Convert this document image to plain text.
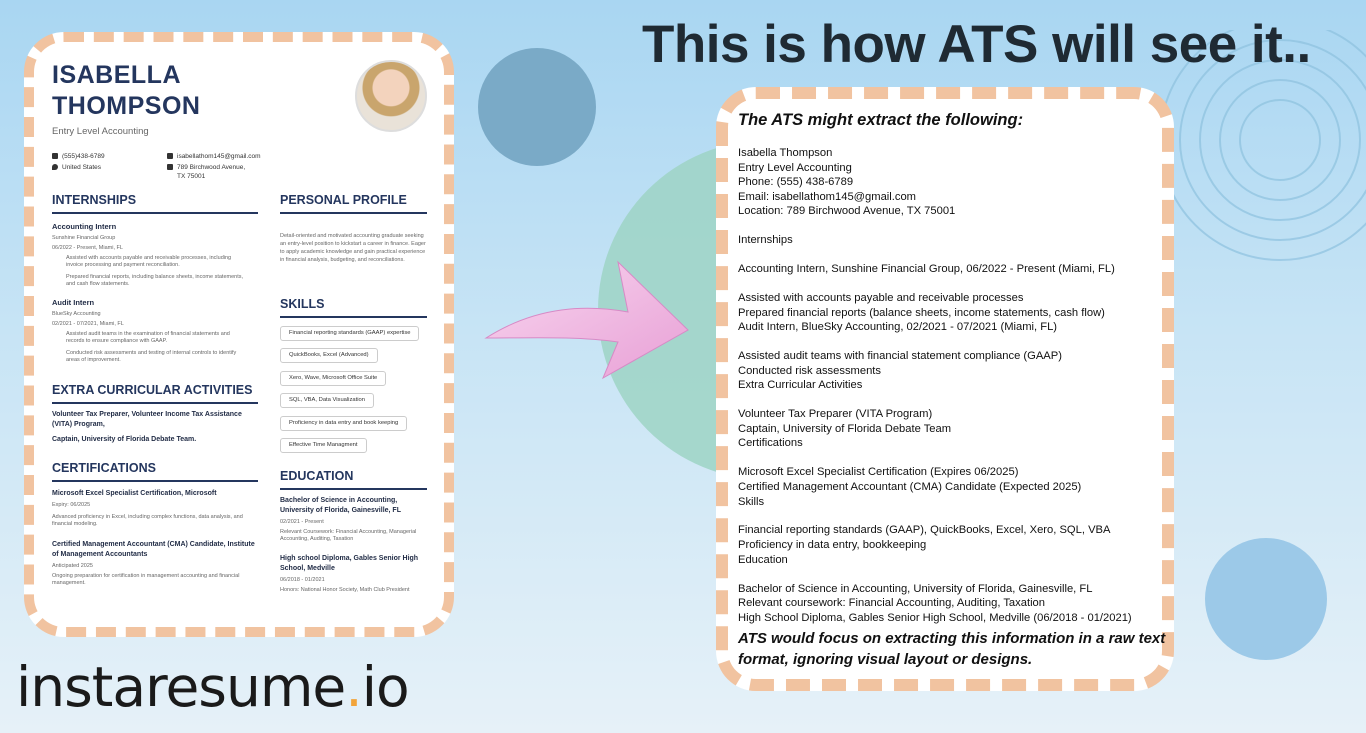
ISABELLA
THOMPSON
Entry Level Accounting
(555)438-6789
United States
isabellathom145@gmail.com
789 Birchwood Avenue,
TX 75001
INTERNSHIPS
Accounting Intern
Sunshine Financial Group
06/2022 - Present, Miami, FL
Assisted with accounts payable and receivable processes, including invoice processing and payment reconciliation.
Prepared financial reports, including balance sheets, income statements, and cash flow statements.
Audit Intern
BlueSky Accounting
02/2021 - 07/2021, Miami, FL
Assisted audit teams in the examination of financial statements and records to ensure compliance with GAAP.
Conducted risk assessments and testing of internal controls to identify areas of improvement.
EXTRA CURRICULAR ACTIVITIES
Volunteer Tax Preparer, Volunteer Income Tax Assistance (VITA) Program,
Captain, University of Florida Debate Team.
CERTIFICATIONS
Microsoft Excel Specialist Certification, Microsoft
Expiry: 06/2025
Advanced proficiency in Excel, including complex functions, data analysis, and financial modeling.
Certified Management Accountant (CMA) Candidate, Institute of Management Accountants
Anticipated 2025
Ongoing preparation for certification in management accounting and financial management.
PERSONAL PROFILE
Detail-oriented and motivated accounting graduate seeking an entry-level position to kickstart a career in finance. Eager to apply academic knowledge and gain practical experience in financial analysis, budgeting, and reconciliations.
SKILLS
Financial reporting standards (GAAP) expertise
QuickBooks, Excel (Advanced)
Xero, Wave, Microsoft Office Suite
SQL, VBA, Data Visualization
Proficiency in data entry and book keeping
Effective Time Managment
EDUCATION
Bachelor of Science in Accounting, University of Florida, Gainesville, FL
02/2021 - Present
Relevant Coursework: Financial Accounting, Managerial Accounting, Auditing, Taxation
High school Diploma, Gables Senior High School, Medville
06/2018 - 01/2021
Honors: National Honor Society, Math Club President
This is how ATS will see it..
The ATS might extract the following:
Isabella Thompson
Entry Level Accounting
Phone: (555) 438-6789
Email: isabellathom145@gmail.com
Location: 789 Birchwood Avenue, TX 75001
Internships
Accounting Intern, Sunshine Financial Group, 06/2022 - Present (Miami, FL)
Assisted with accounts payable and receivable processes
Prepared financial reports (balance sheets, income statements, cash flow)
Audit Intern, BlueSky Accounting, 02/2021 - 07/2021 (Miami, FL)
Assisted audit teams with financial statement compliance (GAAP)
Conducted risk assessments
Extra Curricular Activities
Volunteer Tax Preparer (VITA Program)
Captain, University of Florida Debate Team
Certifications
Microsoft Excel Specialist Certification (Expires 06/2025)
Certified Management Accountant (CMA) Candidate (Expected 2025)
Skills
Financial reporting standards (GAAP), QuickBooks, Excel, Xero, SQL, VBA
Proficiency in data entry, bookkeeping
Education
Bachelor of Science in Accounting, University of Florida, Gainesville, FL
Relevant coursework: Financial Accounting, Auditing, Taxation
High School Diploma, Gables Senior High School, Medville (06/2018 - 01/2021)
ATS would focus on extracting this information in a raw text format, ignoring visual layout or designs.
instaresume.io
